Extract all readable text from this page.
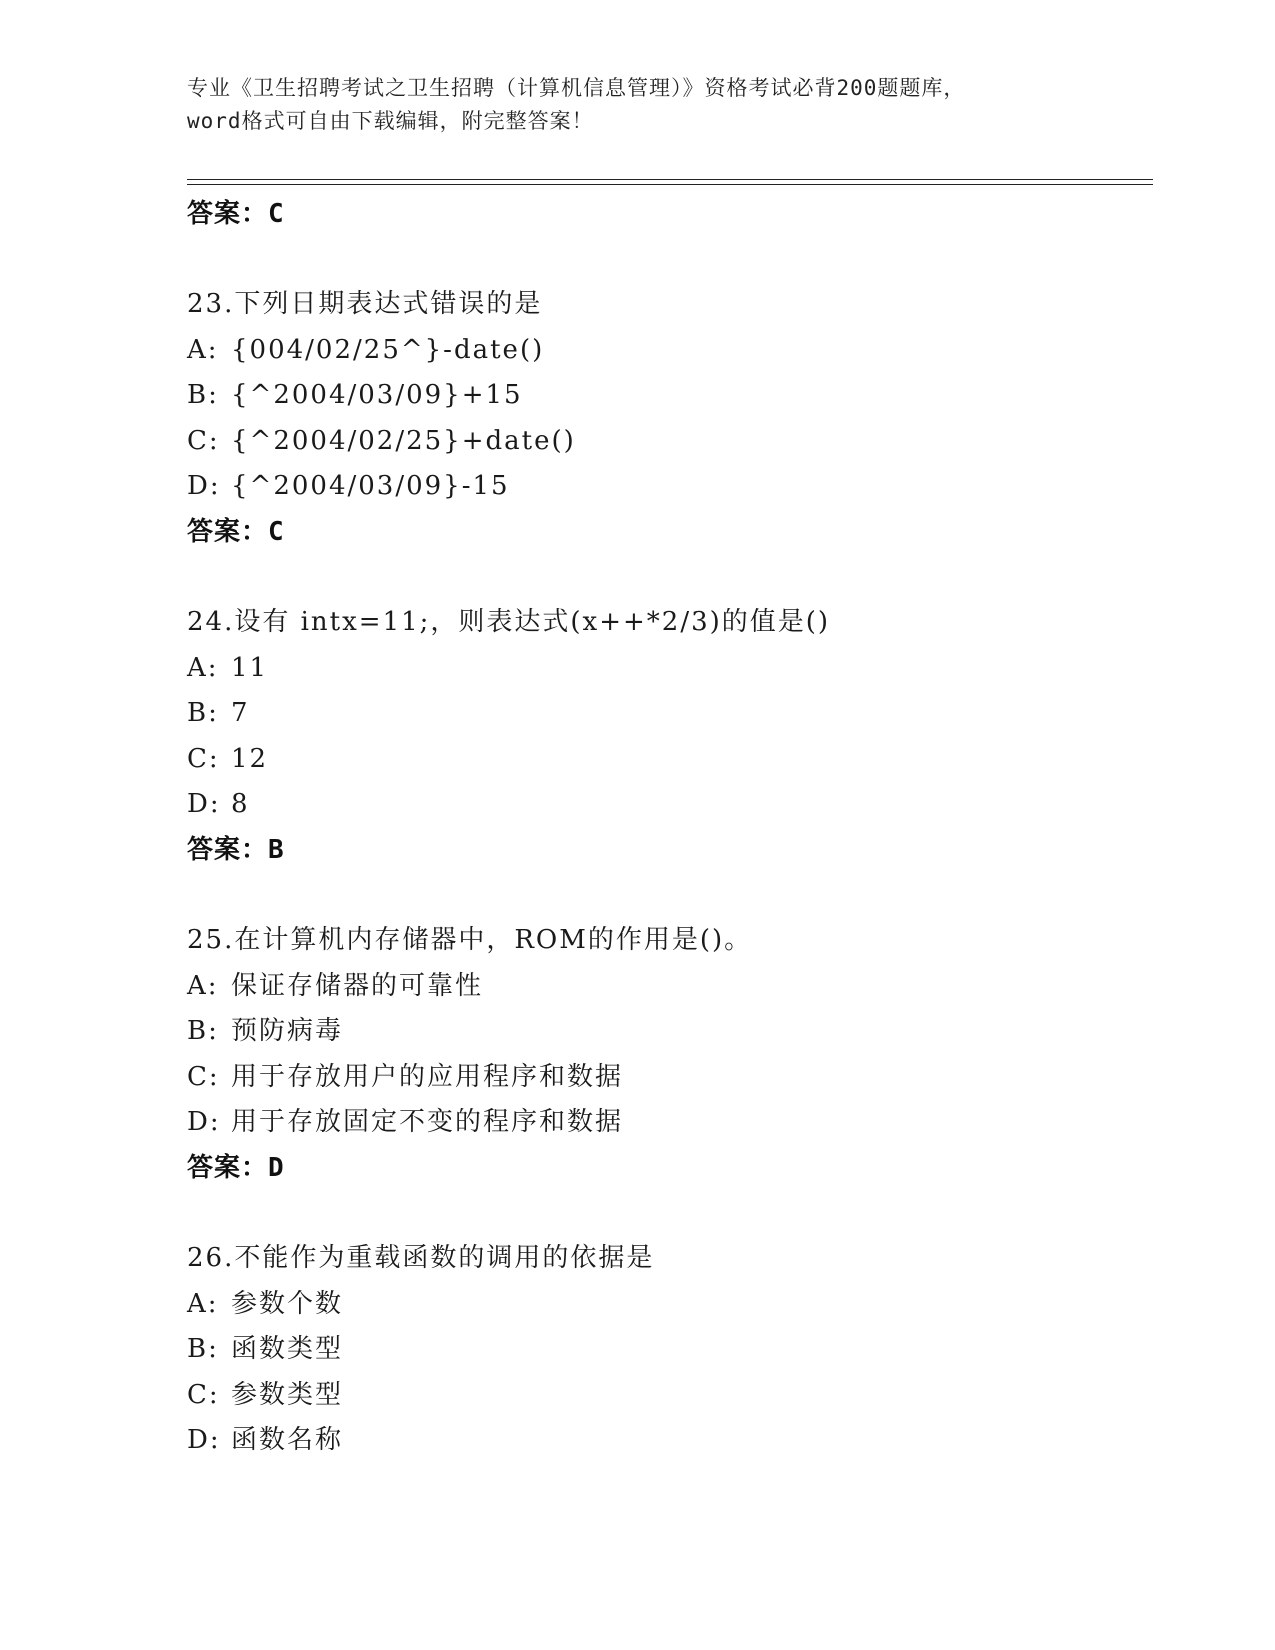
专业《卫生招聘考试之卫生招聘（计算机信息管理）》资格考试必背200题题库，
word格式可自由下载编辑，附完整答案！
答案：C
23.下列日期表达式错误的是
A: {004/02/25^}-date()
B: {^2004/03/09}+15
C: {^2004/02/25}+date()
D: {^2004/03/09}-15
答案：C
24.设有 intx=11;，则表达式(x++*2/3)的值是()
A: 11
B: 7
C: 12
D: 8
答案：B
25.在计算机内存储器中，ROM的作用是()。
A: 保证存储器的可靠性
B: 预防病毒
C: 用于存放用户的应用程序和数据
D: 用于存放固定不变的程序和数据
答案：D
26.不能作为重载函数的调用的依据是
A: 参数个数
B: 函数类型
C: 参数类型
D: 函数名称
